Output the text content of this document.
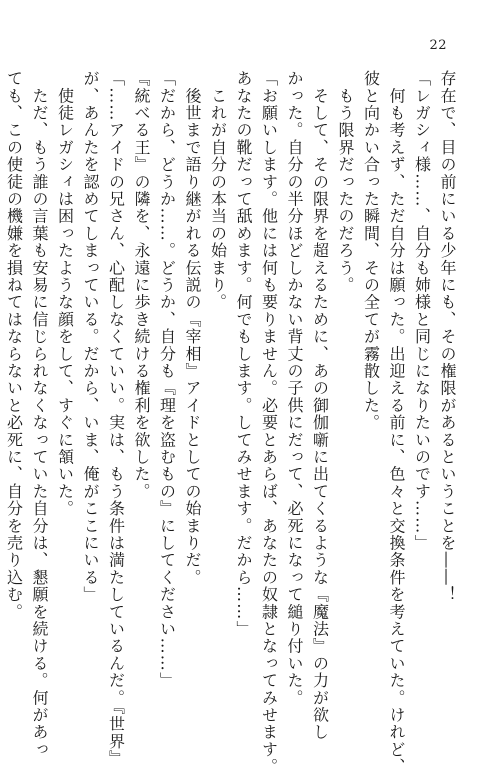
22
存在で、目の前にいる少年にも、その権限があるということを――！
「レガシィ様……、自分も姉様と同じになりたいのです……」
　何も考えず、ただ自分は願った。出迎える前に、色々と交換条件を考えていた。けれど、
彼と向かい合った瞬間、その全てが霧散した。
　もう限界だったのだろう。
　そして、その限界を超えるために、あの御伽噺に出てくるような『魔法』の力が欲し
かった。自分の半分ほどしかない背丈の子供にだって、必死になって縋り付いた。
「お願いします。他には何も要りません。必要とあらば、あなたの奴隷となってみせます。
あなたの靴だって舐めます。何でもします。してみせます。だから……」
　これが自分の本当の始まり。
　後世まで語り継がれる伝説の『宰相』アイドとしての始まりだ。
「だから、どうか……。どうか、自分も『理を盗むもの』にしてください……」
『統べる王』の隣を、永遠に歩き続ける権利を欲した。
「……アイドの兄さん、心配しなくていい。実は、もう条件は満たしているんだ。『世界』
が、あんたを認めてしまっている。だから、いま、俺がここにいる」
　使徒レガシィは困ったような顔をして、すぐに頷いた。
　ただ、もう誰の言葉も安易に信じられなくなっていた自分は、懇願を続ける。何があっ
ても、この使徒の機嫌を損ねてはならないと必死に、自分を売り込む。
